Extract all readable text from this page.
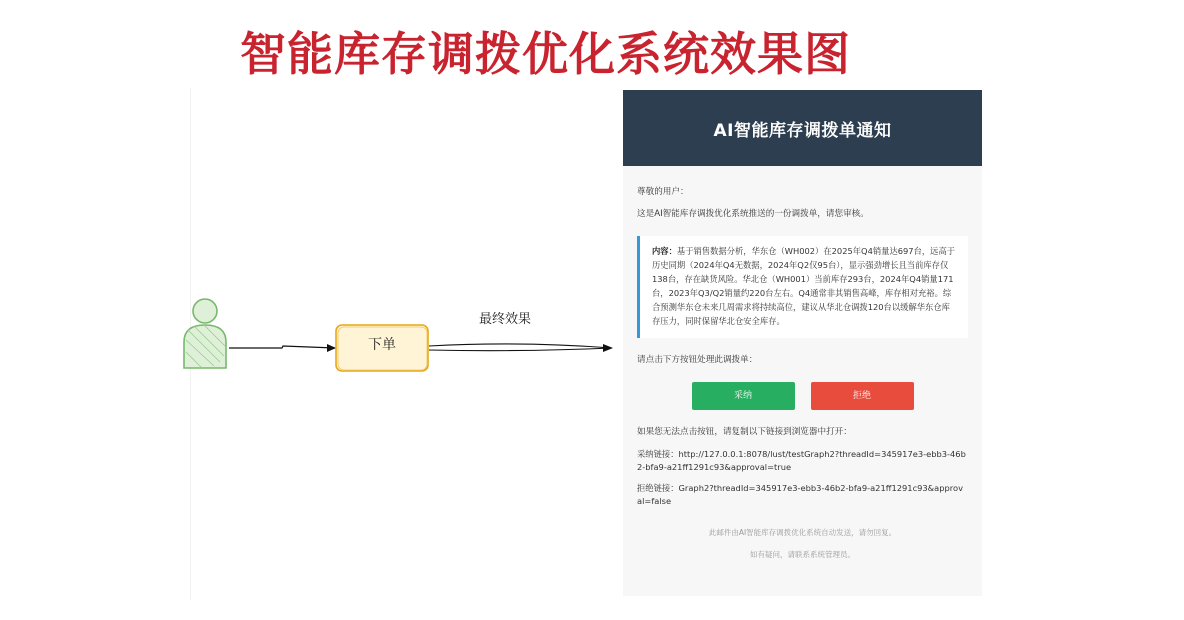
智能库存调拨优化系统效果图
下单
最终效果
AI智能库存调拨单通知
尊敬的用户：
这是AI智能库存调拨优化系统推送的一份调拨单，请您审核。
内容：基于销售数据分析，华东仓（WH002）在2025年Q4销量达697台，远高于历史同期（2024年Q4无数据，2024年Q2仅95台），显示强劲增长且当前库存仅138台，存在缺货风险。华北仓（WH001）当前库存293台，2024年Q4销量171台，2023年Q3/Q2销量约220台左右。Q4通常非其销售高峰，库存相对充裕。综合预测华东仓未来几周需求将持续高位，建议从华北仓调拨120台以缓解华东仓库存压力，同时保留华北仓安全库存。
请点击下方按钮处理此调拨单：
采纳	拒绝
如果您无法点击按钮，请复制以下链接到浏览器中打开：
采纳链接：http://127.0.0.1:8078/lust/testGraph2?threadId=345917e3-ebb3-46b2-bfa9-a21ff1291c93&approval=true
拒绝链接：Graph2?threadId=345917e3-ebb3-46b2-bfa9-a21ff1291c93&approval=false
此邮件由AI智能库存调拨优化系统自动发送，请勿回复。
如有疑问，请联系系统管理员。
